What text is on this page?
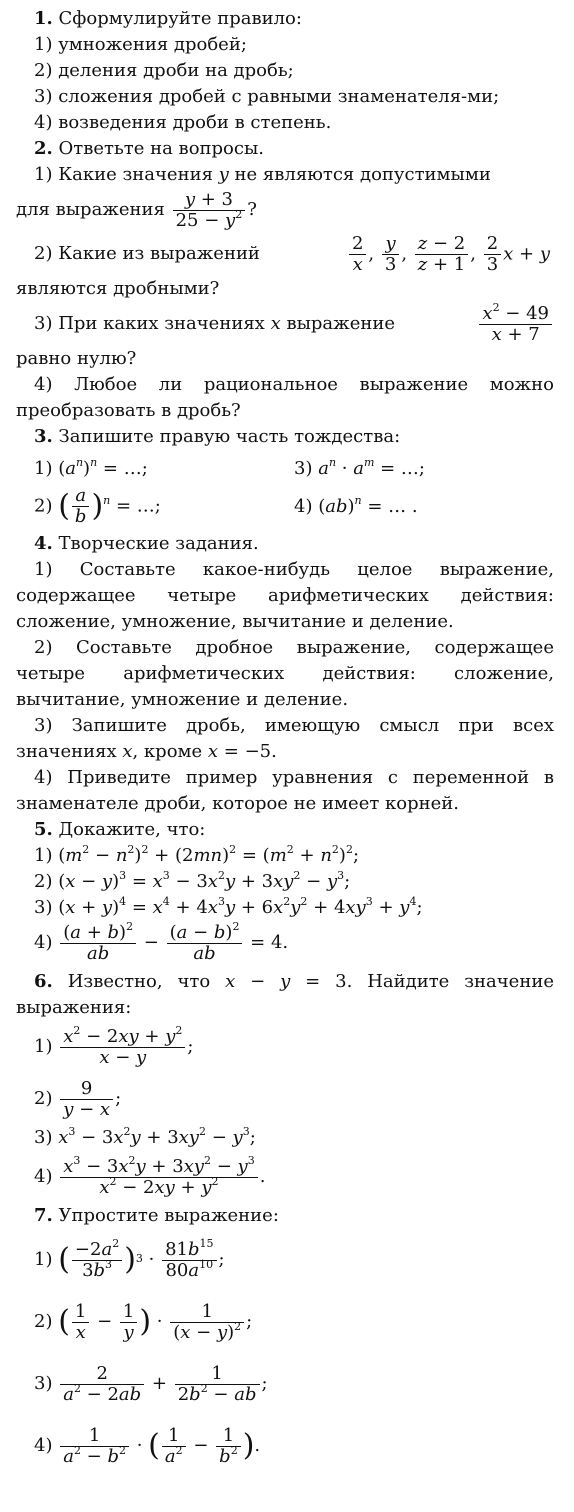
1. Сформулируйте правило:

1) умножения дробей;

2) деления дроби на дробь;

3) сложения дробей с равными знаменателя-ми;

4) возведения дроби в степень.

2. Ответьте на вопросы.

1) Какие значения y не являются допустимыми

для выражения $\frac{y + 3}{25 - y^2}$ ?
2) Какие из выражений	$\frac{2}{x}$ , $\frac{y}{3}$ , $\frac{z - 2}{z + 1}$ , $\frac{2}{3}$ x + y

являются дробными?

3) При каких значениях x выражение	$\frac{x^2 - 49}{x + 7}$

равно нулю?

4) Любое ли рациональное выражение можно преобразовать в дробь?

3. Запишите правую часть тождества:

1) $(a^n)^n$ = …;	3) $a^n \cdot a^m$ = …;
2) ( $\frac{a}{b} )^n$ = …;	4) (ab)$^n$ = … .

4. Творческие задания.

1) Составьте какое-нибудь целое выражение, содержащее четыре арифметических действия: сложение, умножение, вычитание и деление.

2) Составьте дробное выражение, содержащее четыре арифметических действия: сложение, вычитание, умножение и деление.

3) Запишите дробь, имеющую смысл при всех значениях x, кроме x = −5.

4) Приведите пример уравнения с переменной в знаменателе дроби, которое не имеет корней.

5. Докажите, что:

1) $(m^2 - n^2)^2 + (2mn)^2 = (m^2 + n^2)^2$;

2) $(x - y)^3 = x^3 - 3x^2y + 3xy^2 - y^3$;

3) $(x + y)^4 = x^4 + 4x^3y + 6x^2y^2 + 4xy^3 + y^4$;

$4) \frac{(a + b)^2}{ab} - \frac{(a - b)^2}{ab} = 4$.

6. Известно, что x − y = 3. Найдите значение выражения:

$1) \frac{x^2 - 2xy + y^2}{x - y}$ ;
$2) \frac{9}{y - x}$ ;

3) $x^3 - 3x^2y + 3xy^2 - y^3$;

$4) \frac{x^3 - 3x^2y + 3xy^2 - y^3}{x^2 - 2xy + y^2}$ .

7. Упростите выражение:

1) ( $\frac{-2a^2}{3b^3} )^3 \cdot \frac{81b^{15}}{80a^{10}}$ ;
2) ( $\frac{1}{x} - \frac{1}{y}$ ) · $\frac{1}{(x - y)^2}$ ;
$3) \frac{2}{a^2 - 2ab} + \frac{1}{2b^2 - ab}$ ;
$4) \frac{1}{a^2 - b^2}$ · ( $\frac{1}{a^2} - \frac{1}{b^2}$ ) .
